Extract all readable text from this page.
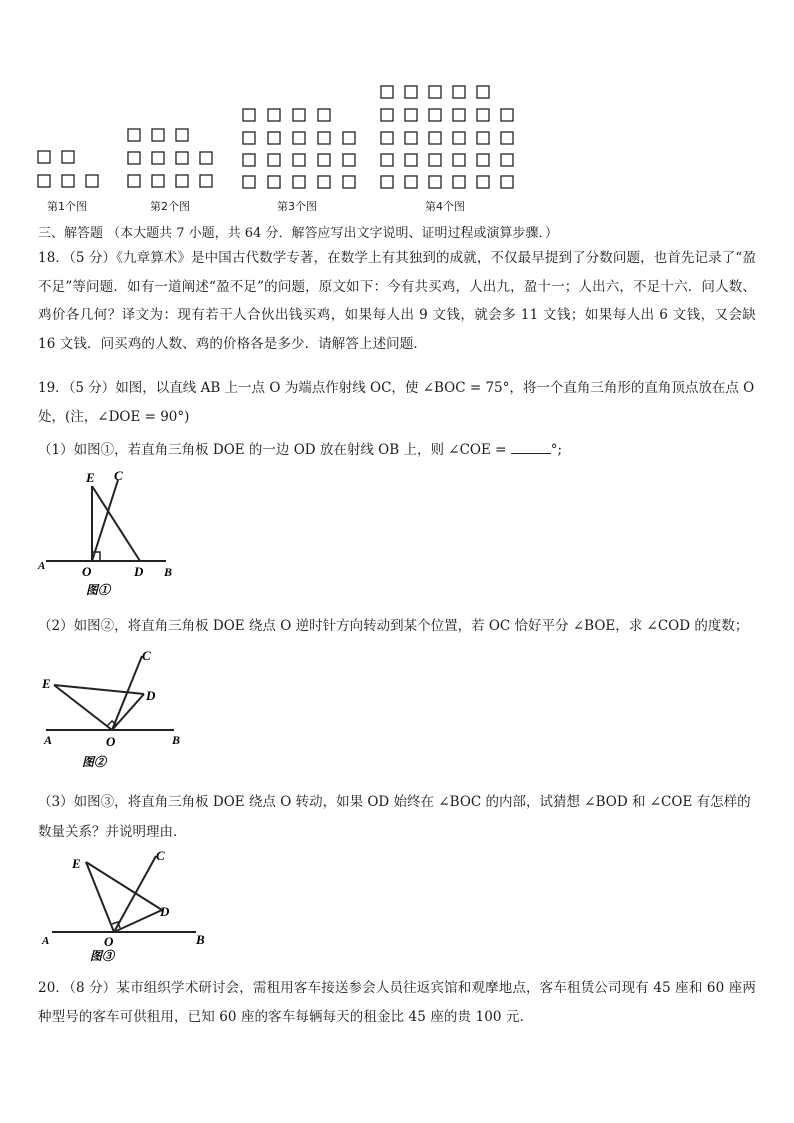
第1个图	第2个图	第3个图	第4个图
三、解答题 （本大题共 7 小题，共 64 分．解答应写出文字说明、证明过程或演算步骤．）
18．（5 分）《九章算术》是中国古代数学专著，在数学上有其独到的成就，不仅最早提到了分数问题，也首先记录了“盈不足”等问题．如有一道阐述“盈不足”的问题，原文如下：今有共买鸡，人出九，盈十一；人出六，不足十六．问人数、鸡价各几何？译文为：现有若干人合伙出钱买鸡，如果每人出 9 文钱，就会多 11 文钱；如果每人出 6 文钱，又会缺 16 文钱．问买鸡的人数、鸡的价格各是多少．请解答上述问题．
19．（5 分）如图，以直线 AB 上一点 O 为端点作射线 OC，使 ∠BOC = 75°，将一个直角三角形的直角顶点放在点 O
处，(注，∠DOE = 90°)
（1）如图①，若直角三角板 DOE 的一边 OD 放在射线 OB 上，则 ∠COE =	°;
E C
A	O	D B
图①
（2）如图②，将直角三角板 DOE 绕点 O 逆时针方向转动到某个位置，若 OC 恰好平分 ∠BOE，求 ∠COD 的度数；
E
C
D
A	O	B
图②
（3）如图③，将直角三角板 DOE 绕点 O 转动，如果 OD 始终在 ∠BOC 的内部，试猜想 ∠BOD 和 ∠COE 有怎样的
数量关系？并说明理由．
E
C
D
A	O	B
图③
20．（8 分）某市组织学术研讨会，需租用客车接送参会人员往返宾馆和观摩地点，客车租赁公司现有 45 座和 60 座两种型号的客车可供租用，已知 60 座的客车每辆每天的租金比 45 座的贵 100 元．
